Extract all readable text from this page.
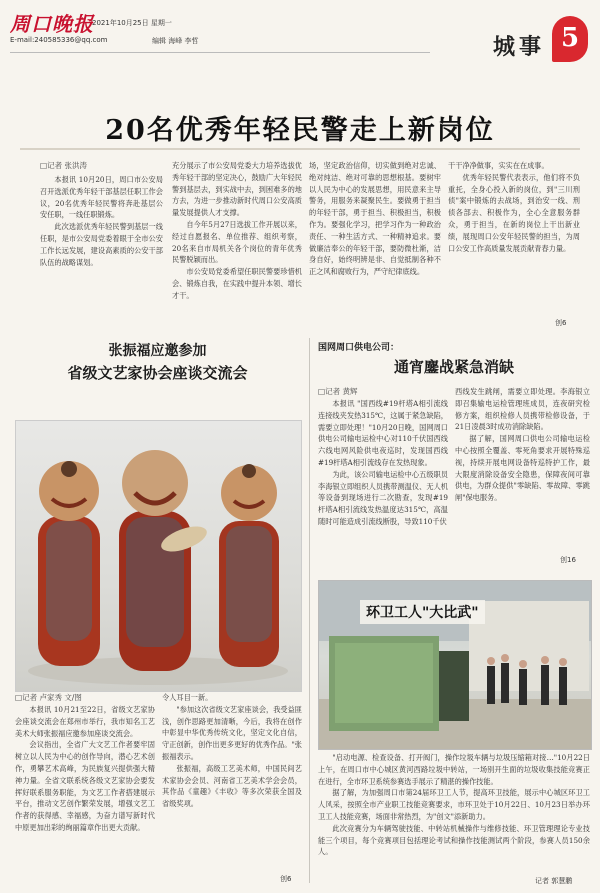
周口晚报
2021年10月25日 星期一
E-mail:240585336@qq.com	编辑 海峰 李哲	城事 5
20名优秀年轻民警走上新岗位
□记者 张洪涛

本报讯 10月20日，周口市公安局召开选派优秀年轻干部基层任职工作会议，20名优秀年轻民警将奔赴基层公安任职，一线任职锻炼。

此次选派优秀年轻民警到基层一线任职，是市公安局党委着眼于全市公安工作长远发展，建设高素质的公安干部队伍的战略谋划。

充分展示了市公安局党委大力培养选拔优秀年轻干部的坚定决心，鼓励广大年轻民警到基层去，到实战中去，到困难多的地方去，为进一步推动新时代周口公安高质量发展提供人才支撑。

自今年5月27日选拔工作开展以来，经过自愿报名、单位推荐、组织考察，20名来自市局机关各个岗位的青年优秀民警脱颖而出。

市公安局党委希望任职民警要珍惜机会、锻炼自我，在实践中提升本领、增长才干。

场，坚定政治信仰，切实做到绝对忠诚、绝对纯洁、绝对可靠的思想根基。要树牢以人民为中心的发展思想，用民意来主导警务，用服务来凝聚民生。要做勇于担当的年轻干部，勇于担当、积极担当，积极作为。要强化学习，把学习作为一种政治责任、一种生活方式、一种精神追求。要做廉洁奉公的年轻干部，要防微杜渐，洁身自好，始终明辨是非、自觉抵制各种不正之风和腐败行为，严守纪律底线。

干干净净做事，实实在在成事。

优秀年轻民警代表表示，他们将不负重托，全身心投入新的岗位，到"三川刑侦"案中锻炼的去战场，到治安一线、刑侦各部去、积极作为，全心全意服务群众，勇于担当，在新的岗位上干出新业绩，展现周口公安年轻民警的担当，为周口公安工作高质量发展贡献青春力量。

创6
张振福应邀参加
省级文艺家协会座谈交流会
□记者 卢家秀 文/图

本报讯 10月21至22日，省级文艺家协会座谈交流会在郑州市举行，我市知名工艺美术大师张振福应邀参加座谈交流会。

会议指出，全省广大文艺工作者要牢固树立以人民为中心的创作导向，潜心艺术创作，勇攀艺术高峰，为民族复兴提供强大精神力量。全省文联系统各级文艺家协会要发挥好联系服务职能，为文艺工作者搭建展示平台，推动文艺创作繁荣发展，增强文艺工作者的获得感、幸福感，为奋力谱写新时代中原更加出彩的绚丽篇章作出更大贡献。

令人耳目一新。

"参加这次省级文艺家座谈会，我受益匪浅，创作思路更加清晰，今后，我将在创作中彰显中华优秀传统文化，坚定文化自信，守正创新，创作出更多更好的优秀作品。"张振福表示。

张振福，高级工艺美术师，中国民间艺术家协会会员、河南省工艺美术学会会员，其作品《童趣》《丰收》等多次荣获全国及省级奖项。

创6
国网周口供电公司：
通宵鏖战紧急消缺
□记者 黄辉

本报讯 "国西线#19杆塔A相引流线连接线夹发热315℃，这属于紧急缺陷，需要立即处理！"10月20日晚，国网周口供电公司输电运检中心对110千伏国西线六线电网风险供电夜巡时，发现国西线#19杆塔A相引流线存在发热现象。

为此，该公司输电运检中心五级职员李海银立即组织人员携带测温仪、无人机等设备到现场进行二次勘查，发现#19杆塔A相引流线发热温度达315℃，高温随时可能造成引流线断股，导致110千伏

西线发生跳闸，需要立即处理。李海银立即召集输电运检管理班成员，连夜研究检修方案，组织检修人员携带检修设备，于21日凌晨3时成功消除缺陷。

据了解，国网周口供电公司输电运检中心按照全覆盖、零死角要求开展特殊巡视，持续开展电网设备特巡特护工作，最大限度消除设备安全隐患，保障夜间可靠供电，为群众提供"零缺陷、零故障、零跳闸"保电服务。

创16
环卫工人"大比武"

"启动电源、检查设备、打开阀门，操作垃圾车辆与垃圾压缩箱对接…"10月22日上午，在周口市中心城区黄河西路垃圾中转站，一场别开生面的垃圾收集技能竞赛正在进行，全市环卫系统参赛选手展示了精湛的操作技能。

据了解，为加强周口市第24届环卫工人节，提高环卫技能，展示中心城区环卫工人风采，按照全市产业职工技能竞赛要求，市环卫处于10月22日、10月23日举办环卫工人技能竞赛，场面非常热烈，为"创文"添新助力。

此次竞赛分为车辆驾驶技能、中转站机械操作与维修技能、环卫管理理论专业技能三个项目，每个竞赛项目包括理论考试和操作技能测试两个阶段，参赛人员150余人。

记者 郭慧鹏
